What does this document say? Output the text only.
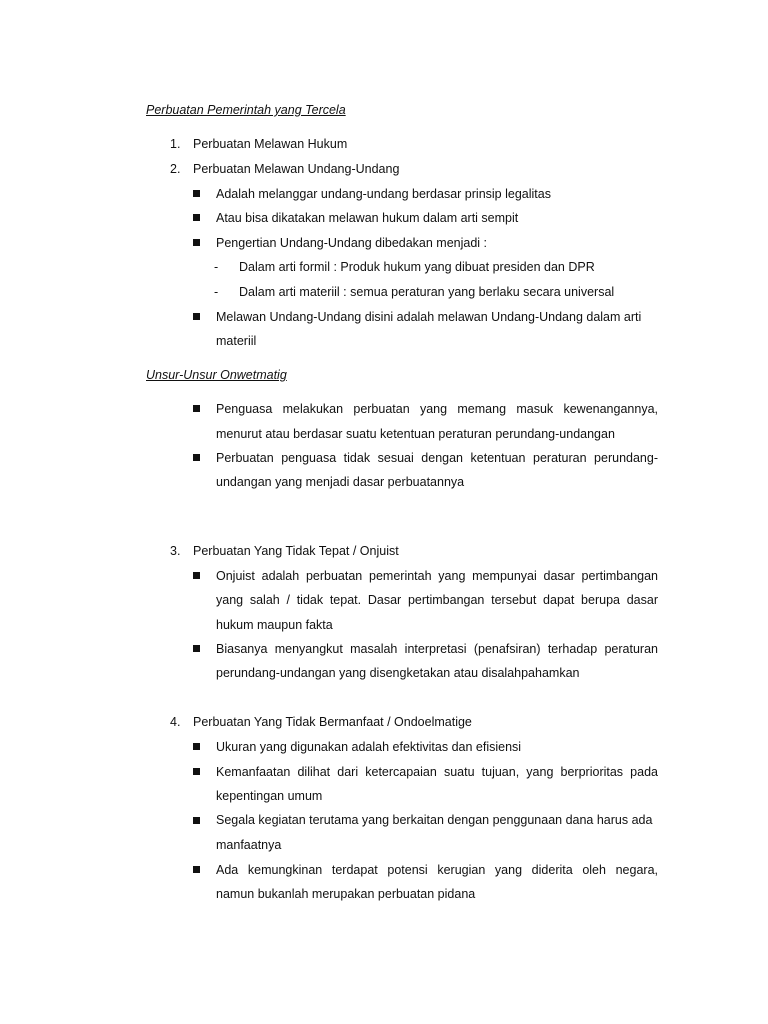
Perbuatan Pemerintah yang Tercela
1. Perbuatan Melawan Hukum
2. Perbuatan Melawan Undang-Undang
Adalah melanggar undang-undang berdasar prinsip legalitas
Atau bisa dikatakan melawan hukum dalam arti sempit
Pengertian Undang-Undang dibedakan menjadi :
- Dalam arti formil : Produk hukum yang dibuat presiden dan DPR
- Dalam arti materiil : semua peraturan yang berlaku secara universal
Melawan Undang-Undang disini adalah melawan Undang-Undang dalam arti
materiil
Unsur-Unsur Onwetmatig
Penguasa melakukan perbuatan yang memang masuk kewenangannya,
menurut atau berdasar suatu ketentuan peraturan perundang-undangan
Perbuatan penguasa tidak sesuai dengan ketentuan peraturan perundang-
undangan yang menjadi dasar perbuatannya
3. Perbuatan Yang Tidak Tepat / Onjuist
Onjuist adalah perbuatan pemerintah yang mempunyai dasar pertimbangan
yang salah / tidak tepat. Dasar pertimbangan tersebut dapat berupa dasar
hukum maupun fakta
Biasanya menyangkut masalah interpretasi (penafsiran) terhadap peraturan
perundang-undangan yang disengketakan atau disalahpahamkan
4. Perbuatan Yang Tidak Bermanfaat / Ondoelmatige
Ukuran yang digunakan adalah efektivitas dan efisiensi
Kemanfaatan dilihat dari ketercapaian suatu tujuan, yang berprioritas pada
kepentingan umum
Segala kegiatan terutama yang berkaitan dengan penggunaan dana harus ada
manfaatnya
Ada kemungkinan terdapat potensi kerugian yang diderita oleh negara,
namun bukanlah merupakan perbuatan pidana
